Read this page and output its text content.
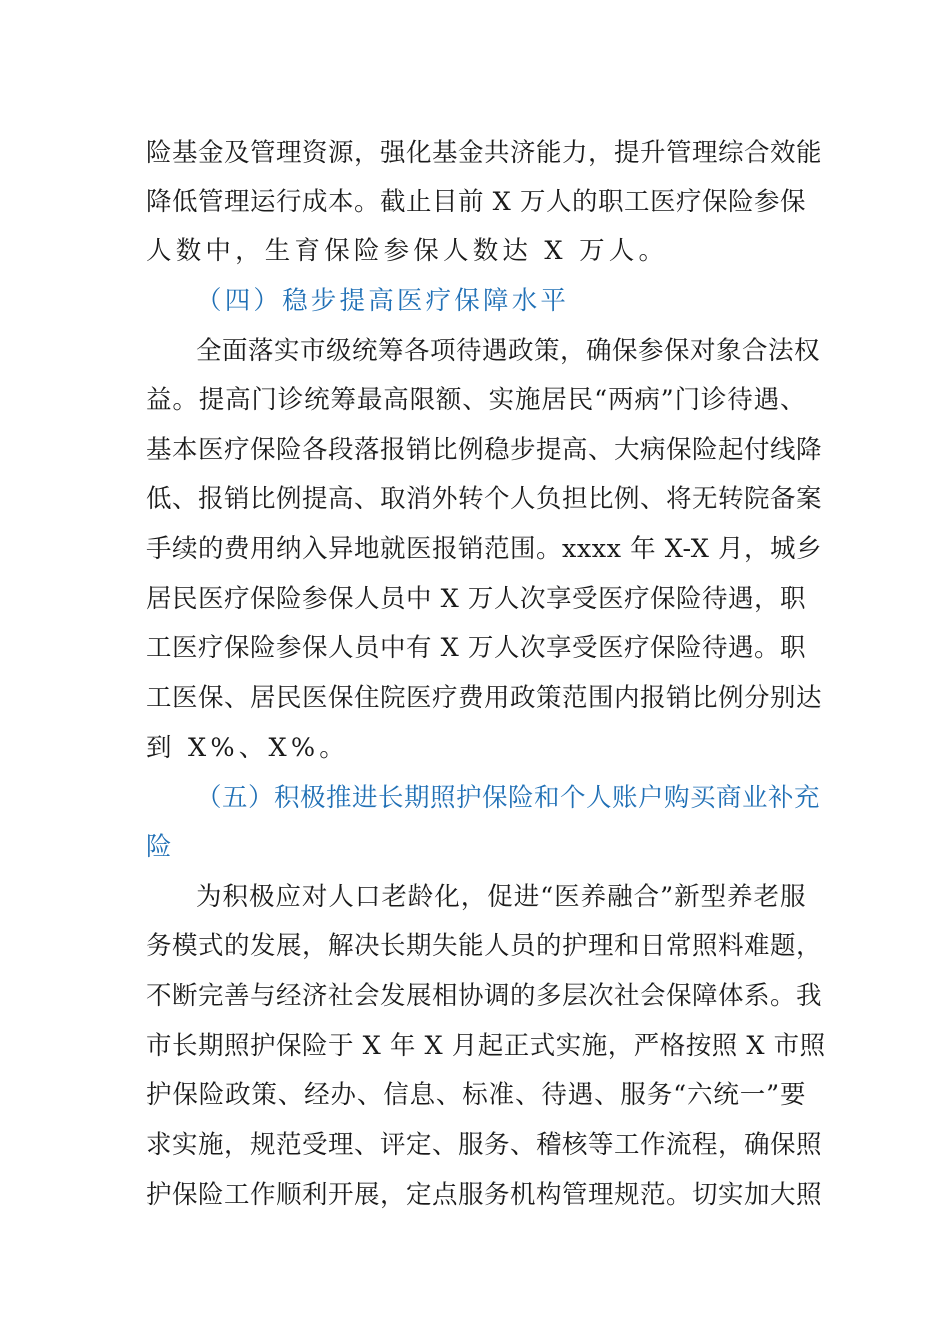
险基金及管理资源，强化基金共济能力，提升管理综合效能
降低管理运行成本。截止目前 X 万人的职工医疗保险参保
人数中，生育保险参保人数达 X 万人。
（四）稳步提高医疗保障水平
全面落实市级统筹各项待遇政策，确保参保对象合法权
益。提高门诊统筹最高限额、实施居民“两病”门诊待遇、
基本医疗保险各段落报销比例稳步提高、大病保险起付线降
低、报销比例提高、取消外转个人负担比例、将无转院备案
手续的费用纳入异地就医报销范围。xxxx 年 X-X 月，城乡
居民医疗保险参保人员中 X 万人次享受医疗保险待遇，职
工医疗保险参保人员中有 X 万人次享受医疗保险待遇。职
工医保、居民医保住院医疗费用政策范围内报销比例分别达
到 X%、X%。
（五）积极推进长期照护保险和个人账户购买商业补充
险
为积极应对人口老龄化，促进“医养融合”新型养老服
务模式的发展，解决长期失能人员的护理和日常照料难题，
不断完善与经济社会发展相协调的多层次社会保障体系。我
市长期照护保险于 X 年 X 月起正式实施，严格按照 X 市照
护保险政策、经办、信息、标准、待遇、服务“六统一”要
求实施，规范受理、评定、服务、稽核等工作流程，确保照
护保险工作顺利开展，定点服务机构管理规范。切实加大照
